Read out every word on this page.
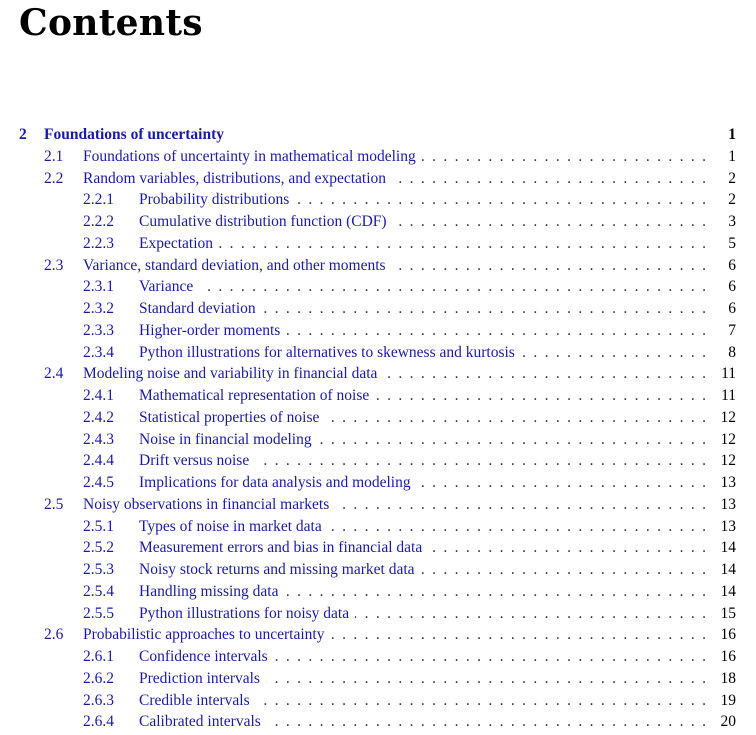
Contents
2 Foundations of uncertainty	1
2.1 Foundations of uncertainty in mathematical modeling . . .	1
2.2 Random variables, distributions, and expectation . . .	2
2.2.1 Probability distributions . . .	2
2.2.2 Cumulative distribution function (CDF) . . .	3
2.2.3 Expectation . . .	5
2.3 Variance, standard deviation, and other moments . . .	6
2.3.1 Variance . . .	6
2.3.2 Standard deviation . . .	6
2.3.3 Higher-order moments . . .	7
2.3.4 Python illustrations for alternatives to skewness and kurtosis . . .	8
2.4 Modeling noise and variability in financial data . . .	11
2.4.1 Mathematical representation of noise . . .	11
2.4.2 Statistical properties of noise . . .	12
2.4.3 Noise in financial modeling . . .	12
2.4.4 Drift versus noise . . .	12
2.4.5 Implications for data analysis and modeling . . .	13
2.5 Noisy observations in financial markets . . .	13
2.5.1 Types of noise in market data . . .	13
2.5.2 Measurement errors and bias in financial data . . .	14
2.5.3 Noisy stock returns and missing market data . . .	14
2.5.4 Handling missing data . . .	14
2.5.5 Python illustrations for noisy data . . .	15
2.6 Probabilistic approaches to uncertainty . . .	16
2.6.1 Confidence intervals . . .	16
2.6.2 Prediction intervals . . .	18
2.6.3 Credible intervals . . .	19
2.6.4 Calibrated intervals . . .	20
